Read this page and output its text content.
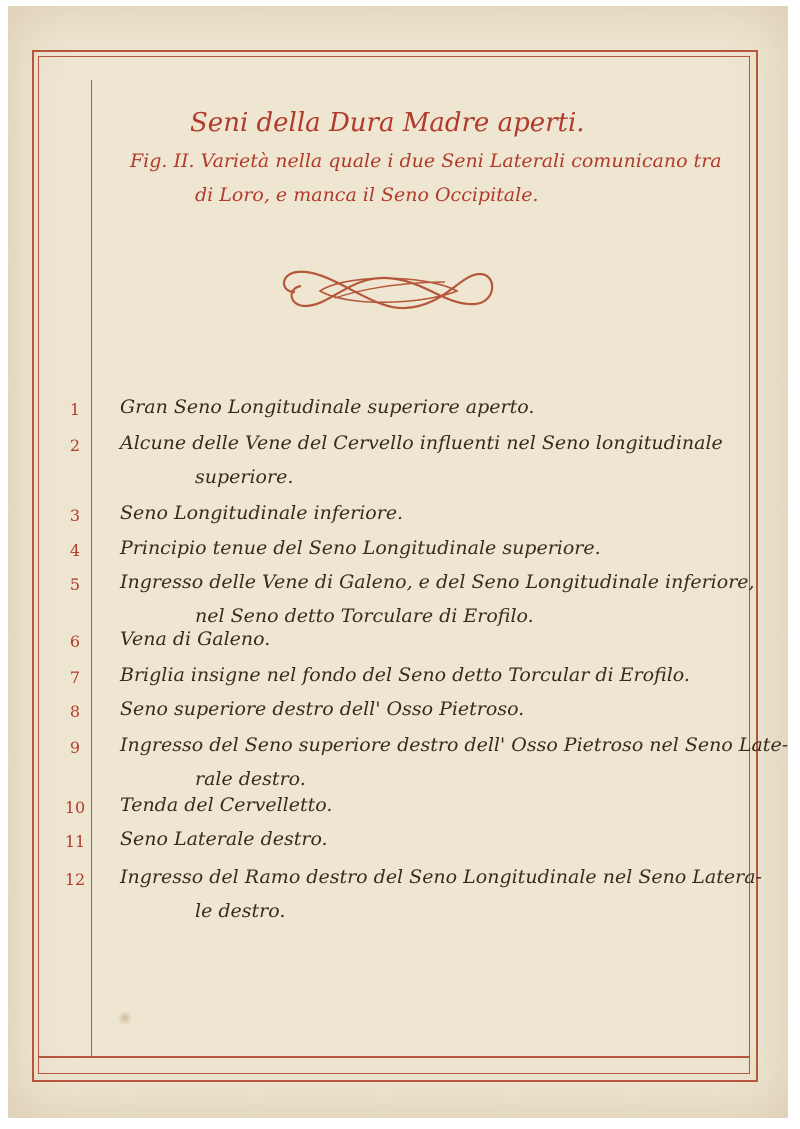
Seni della Dura Madre aperti.
Fig. II. Varietà nella quale i due Seni Laterali comunicano tra
di Loro, e manca il Seno Occipitale.
1	Gran Seno Longitudinale superiore aperto.
2	Alcune delle Vene del Cervello influenti nel Seno longitudinale
superiore.
3	Seno Longitudinale inferiore.
4	Principio tenue del Seno Longitudinale superiore.
5	Ingresso delle Vene di Galeno, e del Seno Longitudinale inferiore,
nel Seno detto Torculare di Erofilo.
6	Vena di Galeno.
7	Briglia insigne nel fondo del Seno detto Torcular di Erofilo.
8	Seno superiore destro dell' Osso Pietroso.
9	Ingresso del Seno superiore destro dell' Osso Pietroso nel Seno Late-
rale destro.
10	Tenda del Cervelletto.
11	Seno Laterale destro.
12	Ingresso del Ramo destro del Seno Longitudinale nel Seno Latera-
le destro.
